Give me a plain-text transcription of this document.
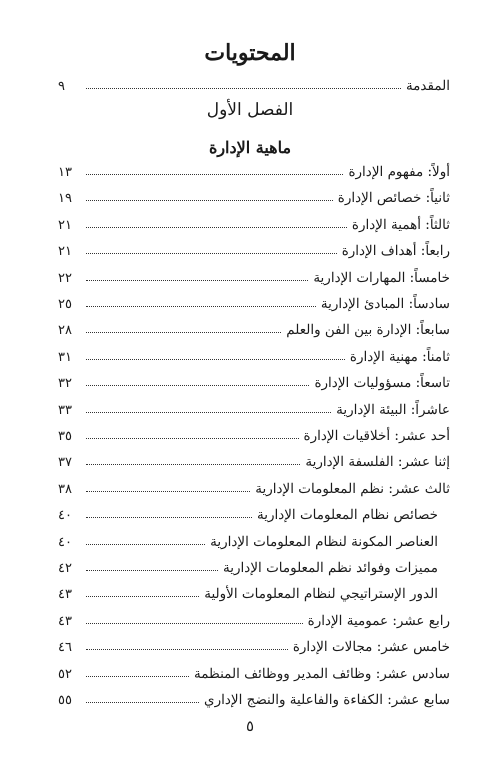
المحتويات
المقدمة
٩
الفصل الأول
ماهية الإدارة
أولاً: مفهوم الإدارة
١٣
ثانياً: خصائص الإدارة
١٩
ثالثاً: أهمية الإدارة
٢١
رابعاً: أهداف الإدارة
٢١
خامساً: المهارات الإدارية
٢٢
سادساً: المبادئ الإدارية
٢٥
سابعاً: الإدارة بين الفن والعلم
٢٨
ثامناً: مهنية الإدارة
٣١
تاسعاً: مسؤوليات الإدارة
٣٢
عاشراً: البيئة الإدارية
٣٣
أحد عشر: أخلاقيات الإدارة
٣٥
إثنا عشر: الفلسفة الإدارية
٣٧
ثالث عشر: نظم المعلومات الإدارية
٣٨
خصائص نظام المعلومات الإدارية
٤٠
العناصر المكونة لنظام المعلومات الإدارية
٤٠
مميزات وفوائد نظم المعلومات الإدارية
٤٢
الدور الإستراتيجي لنظام المعلومات الأولية
٤٣
رابع عشر: عمومية الإدارة
٤٣
خامس عشر: مجالات الإدارة
٤٦
سادس عشر: وظائف المدير ووظائف المنظمة
٥٢
سابع عشر: الكفاءة والفاعلية والنضج الإداري
٥٥
٥
